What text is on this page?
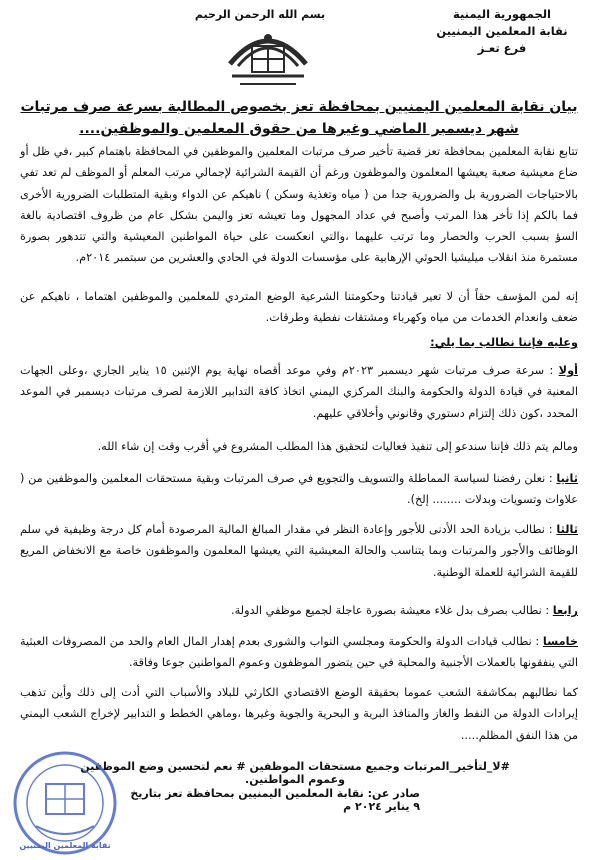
الجمهورية اليمنية
نقابة المعلمين اليمنيين
فرع تعـز
بسم الله الرحمن الرحيم
بيان نقابة المعلمين اليمنيين بمحافظة تعز بخصوص المطالبة بسرعة صرف مرتبات شهر ديسمبر الماضي وغيرها من حقوق المعلمين والموظفين....
تتابع نقابة المعلمين بمحافظة تعز قضية تأخير صرف مرتبات المعلمين والموظفين في المحافظة باهتمام كبير ،في ظل أو ضاع معيشية صعبة يعيشها المعلمون والموظفون ورغم أن القيمة الشرائية لإجمالي مرتب المعلم أو الموظف لم تعد تفي بالاحتياجات الضرورية بل والضرورية جدا من ( مياه وتغذية وسكن ) ناهيكم عن الدواء وبقية المتطلبات الضرورية الأخرى فما بالكم إذا تأخر هذا المرتب وأصبح في عداد المجهول وما تعيشه تعز واليمن بشكل عام من ظروف اقتصادية بالغة السؤ بسبب الحرب والحصار وما ترتب عليهما ،والتي انعكست على حياة المواطنين المعيشية والتي تتدهور بصورة مستمرة منذ انقلاب ميليشيا الحوثي الإرهابية على مؤسسات الدولة في الحادي والعشرين من سبتمبر ٢٠١٤م.
إنه لمن المؤسف حقاً أن لا تعير قيادتنا وحكومتنا الشرعية الوضع المتردي للمعلمين والموظفين اهتماما ، ناهيكم عن ضعف وانعدام الخدمات من مياه وكهرباء ومشتقات نفطية وطرقات.
وعليه فإننا نطالب بما يلي:
أولا : سرعة صرف مرتبات شهر ديسمبر ٢٠٢٣م وفي موعد أقصاه نهاية يوم الإثنين ١٥ يناير الجاري ،وعلى الجهات المعنية في قيادة الدولة والحكومة والبنك المركزي اليمني اتخاذ كافة التدابير اللازمة لصرف مرتبات ديسمبر في الموعد المحدد ،كون ذلك إلتزام دستوري وقانوني وأخلاقي عليهم.
ومالم يتم ذلك فإننا سندعو إلى تنفيذ فعاليات لتحقيق هذا المطلب المشروع في أقرب وقت إن شاء الله.
ثانيا : نعلن رفضنا لسياسة المماطلة والتسويف والتجويع في صرف المرتبات وبقية مستحقات المعلمين والموظفين من ( علاوات وتسويات وبدلات ........ إلخ).
ثالثا : نطالب بزيادة الحد الأدنى للأجور وإعادة النظر في مقدار المبالغ المالية المرصودة أمام كل درجة وظيفية في سلم الوظائف والأجور والمرتبات وبما يتناسب والحالة المعيشية التي يعيشها المعلمون والموظفون خاصة مع الانخفاض المريع للقيمة الشرائية للعملة الوطنية.
رابعا : نطالب بصرف بدل غلاء معيشة بصورة عاجلة لجميع موظفي الدولة.
خامسا : نطالب قيادات الدولة والحكومة ومجلسي النواب والشورى بعدم إهدار المال العام والحد من المصروفات العبثية التي ينفقونها بالعملات الأجنبية والمحلية في حين يتضور الموظفون وعموم المواطنين جوعا وفاقة.
كما نطالبهم بمكاشفة الشعب عموما بحقيقة الوضع الاقتصادي الكارثي للبلاد والأسباب التي أدت إلى ذلك وأين تذهب إيرادات الدولة من النفط والغاز والمنافذ البرية و البحرية والجوية وغيرها ،وماهي الخطط و التدابير لإخراج الشعب اليمني من هذا النفق المظلم.....
#لا_لتأخير_المرتبات وجميع مستحقات الموظفين # نعم لتحسين وضع الموظفين وعموم المواطنين.
صادر عن: نقابة المعلمين اليمنيين بمحافظة تعز بتاريخ ٩ يناير ٢٠٢٤ م
نقابة المعلمين اليمنيين
